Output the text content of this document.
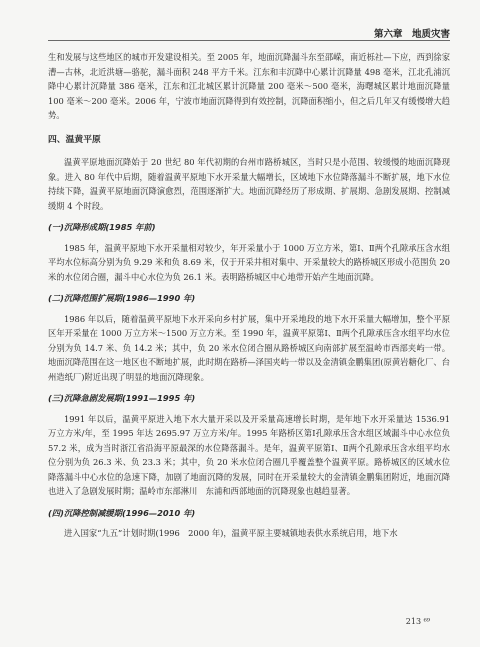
第六章　地质灾害

生和发展与这些地区的城市开发建设相关。至 2005 年，地面沉降漏斗东至邵嵘，南近栎社—下应，西到徐家漕—古林，北近洪塘—骆驼，漏斗面积 248 平方千米。江东和丰沉降中心累计沉降量 498 毫米，江北孔浦沉降中心累计沉降量 386 毫米，江东和江北城区累计沉降量 200 毫米～500 毫米，海曙城区累计地面沉降量 100 毫米～200 毫米。2006 年，宁波市地面沉降得到有效控制，沉降面积缩小，但之后几年又有缓慢增大趋势。

四、温黄平原

温黄平原地面沉降始于 20 世纪 80 年代初期的台州市路桥城区，当时只是小范围、较缓慢的地面沉降现象。进入 80 年代中后期，随着温黄平原地下水开采量大幅增长，区域地下水位降落漏斗不断扩展，地下水位持续下降，温黄平原地面沉降演愈烈，范围逐渐扩大。地面沉降经历了形成期、扩展期、急剧发展期、控制减缓期 4 个时段。

(一)沉降形成期(1985 年前)

1985 年，温黄平原地下水开采量相对较少，年开采量小于 1000 万立方米，第Ⅰ、Ⅱ两个孔隙承压含水组平均水位标高分别为负 9.29 米和负 8.69 米，仅于开采井相对集中、开采量较大的路桥城区形成小范围负 20 米的水位闭合圈，漏斗中心水位为负 26.1 米。表明路桥城区中心地带开始产生地面沉降。

(二)沉降范围扩展期(1986—1990 年)

1986 年以后，随着温黄平原地下水开采向乡村扩展，集中开采地段的地下水开采量大幅增加，整个平原区年开采量在 1000 万立方米～1500 万立方米。至 1990 年，温黄平原第Ⅰ、Ⅱ两个孔隙承压含水组平均水位分别为负 14.7 米、负 14.2 米；其中，负 20 米水位闭合圈从路桥城区向南部扩展至温岭市西部夹屿一带。地面沉降范围在这一地区也不断地扩展，此时期在路桥—泽国夹屿一带以及金清镇金鹏集团(原黄岩糖化厂、台州造纸厂)附近出现了明显的地面沉降现象。

(三)沉降急剧发展期(1991—1995 年)

1991 年以后，温黄平原进入地下水大量开采以及开采量高速增长时期，是年地下水开采量达 1536.91 万立方米/年，至 1995 年达 2695.97 万立方米/年。1995 年路桥区第Ⅰ孔隙承压含水组区域漏斗中心水位负 57.2 米，成为当时浙江省沿海平原最深的水位降落漏斗。是年，温黄平原第Ⅰ、Ⅱ两个孔隙承压含水组平均水位分别为负 26.3 米、负 23.3 米；其中，负 20 米水位闭合圈几乎覆盖整个温黄平原。路桥城区的区域水位降落漏斗中心水位的急速下降，加剧了地面沉降的发展，同时在开采量较大的金清镇金鹏集团附近，地面沉降也进入了急剧发展时期；温岭市东部淋川　东浦和西部地面的沉降现象也越趋显著。

(四)沉降控制减缓期(1996—2010 年)

进入国家“九五”计划时期(1996　2000 年)，温黄平原主要城镇地表供水系统启用，地下水

213 ⁶⁹
